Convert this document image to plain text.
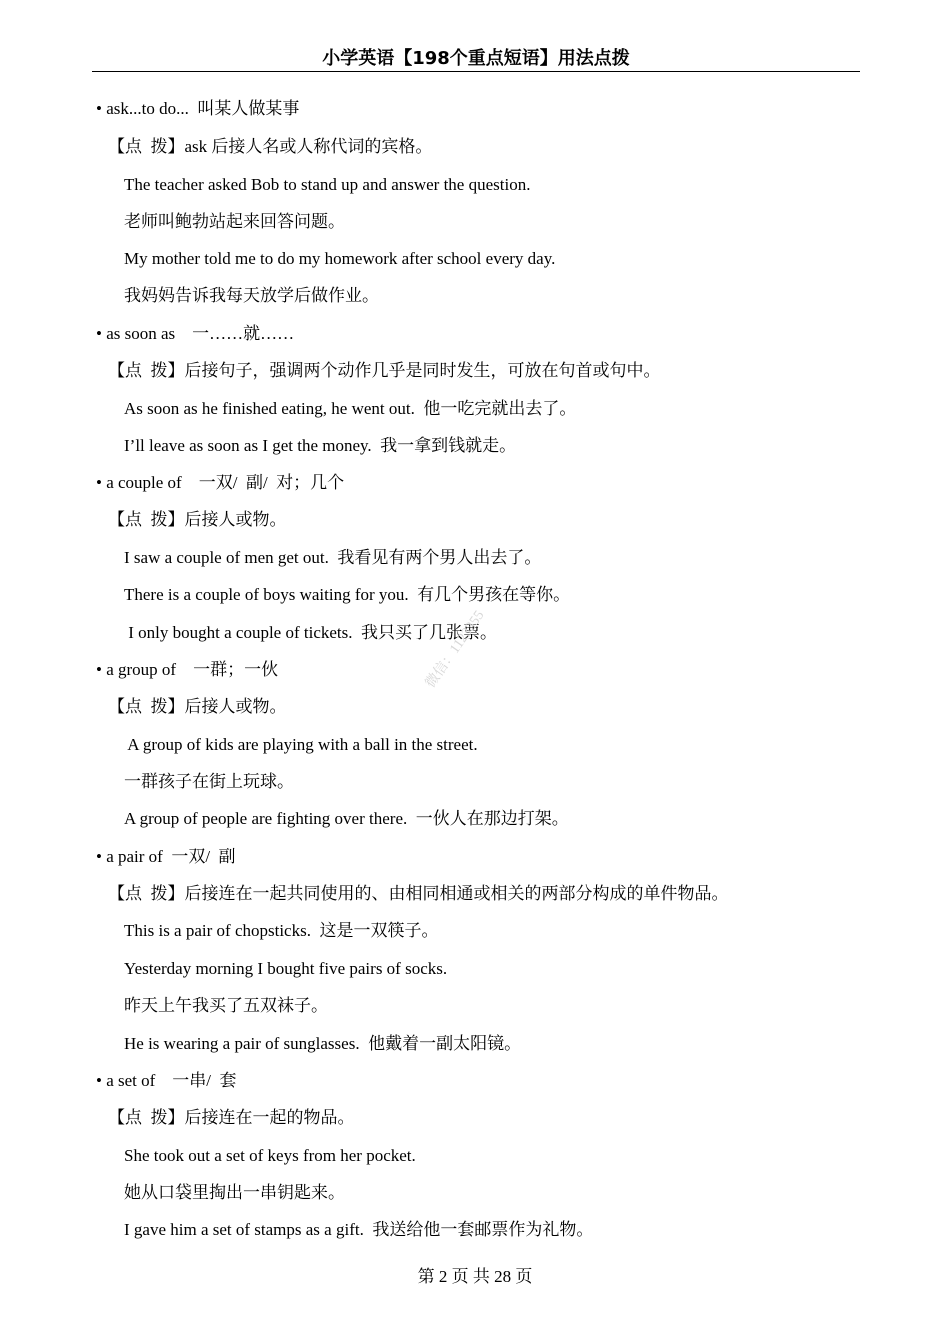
小学英语【198个重点短语】用法点拨
• ask...to do...  叫某人做某事
【点  拨】ask 后接人名或人称代词的宾格。
The teacher asked Bob to stand up and answer the question.
老师叫鲍勃站起来回答问题。
My mother told me to do my homework after school every day.
我妈妈告诉我每天放学后做作业。
• as soon as    一……就……
【点  拨】后接句子，强调两个动作几乎是同时发生，可放在句首或句中。
As soon as he finished eating, he went out.  他一吃完就出去了。
I’ll leave as soon as I get the money.  我一拿到钱就走。
• a couple of    一双/  副/  对；几个
【点  拨】后接人或物。
I saw a couple of men get out.  我看见有两个男人出去了。
There is a couple of boys waiting for you.  有几个男孩在等你。
I only bought a couple of tickets.  我只买了几张票。
• a group of    一群；一伙
【点  拨】后接人或物。
A group of kids are playing with a ball in the street.
一群孩子在街上玩球。
A group of people are fighting over there.  一伙人在那边打架。
• a pair of  一双/  副
【点  拨】后接连在一起共同使用的、由相同相通或相关的两部分构成的单件物品。
This is a pair of chopsticks.  这是一双筷子。
Yesterday morning I bought five pairs of socks.
昨天上午我买了五双袜子。
He is wearing a pair of sunglasses.  他戴着一副太阳镜。
• a set of    一串/  套
【点  拨】后接连在一起的物品。
She took out a set of keys from her pocket.
她从口袋里掏出一串钥匙来。
I gave him a set of stamps as a gift.  我送给他一套邮票作为礼物。
微信：1123355
第 2 页 共 28 页
